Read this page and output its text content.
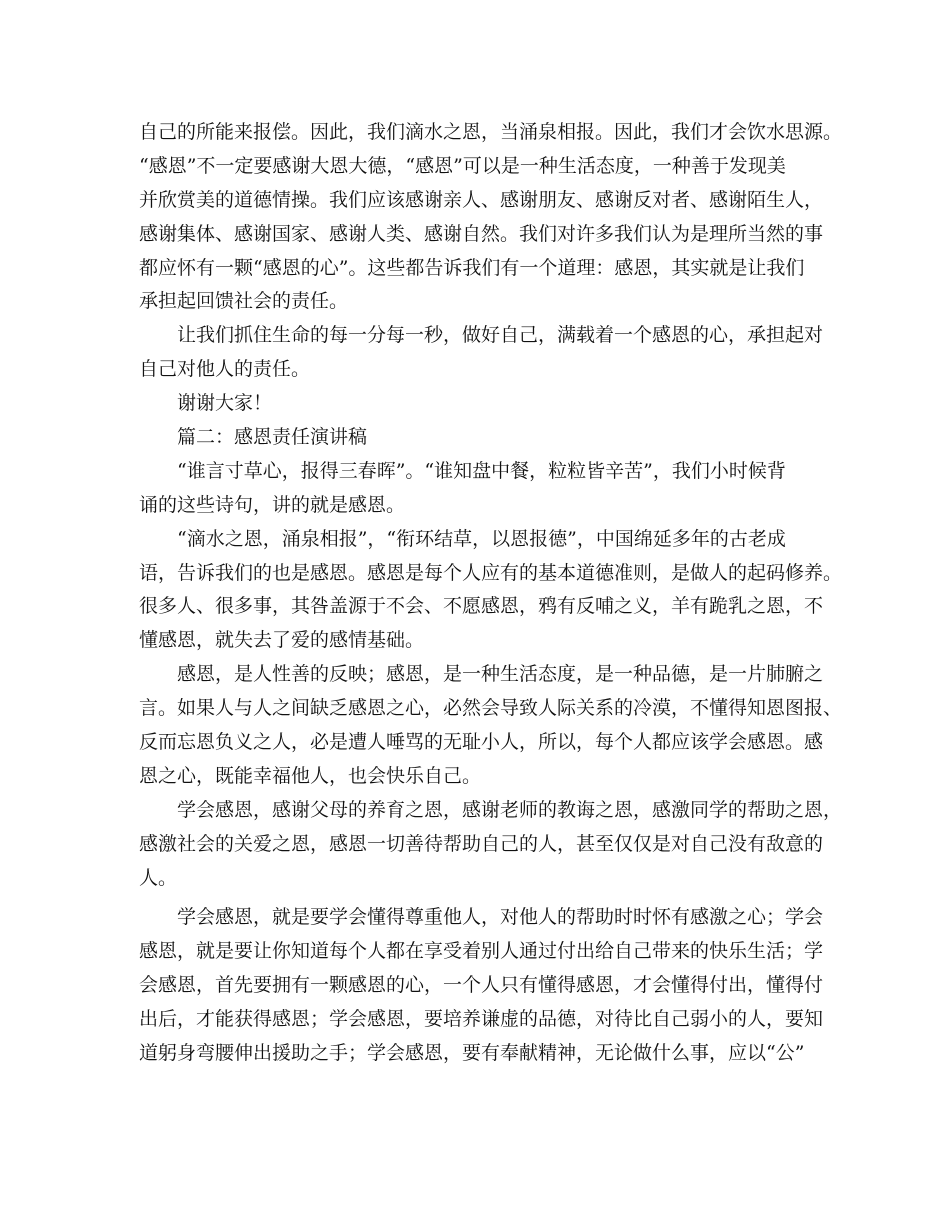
自己的所能来报偿。因此，我们滴水之恩，当涌泉相报。因此，我们才会饮水思源。
“感恩”不一定要感谢大恩大德，“感恩”可以是一种生活态度，一种善于发现美
并欣赏美的道德情操。我们应该感谢亲人、感谢朋友、感谢反对者、感谢陌生人，
感谢集体、感谢国家、感谢人类、感谢自然。我们对许多我们认为是理所当然的事
都应怀有一颗“感恩的心”。这些都告诉我们有一个道理：感恩，其实就是让我们
承担起回馈社会的责任。
让我们抓住生命的每一分每一秒，做好自己，满载着一个感恩的心，承担起对
自己对他人的责任。
谢谢大家！
篇二：感恩责任演讲稿
“谁言寸草心，报得三春晖”。“谁知盘中餐，粒粒皆辛苦”，我们小时候背
诵的这些诗句，讲的就是感恩。
“滴水之恩，涌泉相报”，“衔环结草，以恩报德”，中国绵延多年的古老成
语，告诉我们的也是感恩。感恩是每个人应有的基本道德准则，是做人的起码修养。
很多人、很多事，其咎盖源于不会、不愿感恩，鸦有反哺之义，羊有跪乳之恩，不
懂感恩，就失去了爱的感情基础。
感恩，是人性善的反映；感恩，是一种生活态度，是一种品德，是一片肺腑之
言。如果人与人之间缺乏感恩之心，必然会导致人际关系的冷漠，不懂得知恩图报、
反而忘恩负义之人，必是遭人唾骂的无耻小人，所以，每个人都应该学会感恩。感
恩之心，既能幸福他人，也会快乐自己。
学会感恩，感谢父母的养育之恩，感谢老师的教诲之恩，感激同学的帮助之恩，
感激社会的关爱之恩，感恩一切善待帮助自己的人，甚至仅仅是对自己没有敌意的
人。
学会感恩，就是要学会懂得尊重他人，对他人的帮助时时怀有感激之心；学会
感恩，就是要让你知道每个人都在享受着别人通过付出给自己带来的快乐生活；学
会感恩，首先要拥有一颗感恩的心，一个人只有懂得感恩，才会懂得付出，懂得付
出后，才能获得感恩；学会感恩，要培养谦虚的品德，对待比自己弱小的人，要知
道躬身弯腰伸出援助之手；学会感恩，要有奉献精神，无论做什么事，应以“公”
